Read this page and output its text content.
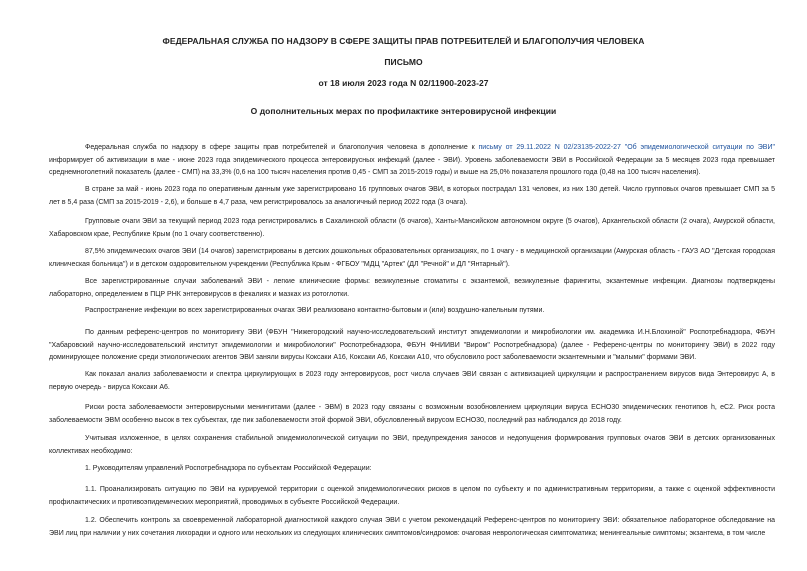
ФЕДЕРАЛЬНАЯ СЛУЖБА ПО НАДЗОРУ В СФЕРЕ ЗАЩИТЫ ПРАВ ПОТРЕБИТЕЛЕЙ И БЛАГОПОЛУЧИЯ ЧЕЛОВЕКА
ПИСЬМО
от 18 июля 2023 года N 02/11900-2023-27
О дополнительных мерах по профилактике энтеровирусной инфекции
Федеральная служба по надзору в сфере защиты прав потребителей и благополучия человека в дополнение к письму от 29.11.2022 N 02/23135-2022-27 "Об эпидемиологической ситуации по ЭВИ" информирует об активизации в мае - июне 2023 года эпидемического процесса энтеровирусных инфекций (далее - ЭВИ). Уровень заболеваемости ЭВИ в Российской Федерации за 5 месяцев 2023 года превышает среднемноголетний показатель (далее - СМП) на 33,3% (0,6 на 100 тысяч населения против 0,45 - СМП за 2015-2019 годы) и выше на 25,0% показателя прошлого года (0,48 на 100 тысяч населения).
В стране за май - июнь 2023 года по оперативным данным уже зарегистрировано 16 групповых очагов ЭВИ, в которых пострадал 131 человек, из них 130 детей. Число групповых очагов превышает СМП за 5 лет в 5,4 раза (СМП за 2015-2019 - 2,6), и больше в 4,7 раза, чем регистрировалось за аналогичный период 2022 года (3 очага).
Групповые очаги ЭВИ за текущий период 2023 года регистрировались в Сахалинской области (6 очагов), Ханты-Мансийском автономном округе (5 очагов), Архангельской области (2 очага), Амурской области, Хабаровском крае, Республике Крым (по 1 очагу соответственно).
87,5% эпидемических очагов ЭВИ (14 очагов) зарегистрированы в детских дошкольных образовательных организациях, по 1 очагу - в медицинской организации (Амурская область - ГАУЗ АО "Детская городская клиническая больница") и в детском оздоровительном учреждении (Республика Крым - ФГБОУ "МДЦ "Артек" (ДЛ "Речной" и ДЛ "Янтарный").
Все зарегистрированные случаи заболеваний ЭВИ - легкие клинические формы: везикулезные стоматиты с экзантемой, везикулезные фарингиты, экзантемные инфекции. Диагнозы подтверждены лабораторно, определением в ПЦР РНК энтеровирусов в фекалиях и мазках из ротоглотки.
Распространение инфекции во всех зарегистрированных очагах ЭВИ реализовано контактно-бытовым и (или) воздушно-капельным путями.
По данным референс-центров по мониторингу ЭВИ (ФБУН "Нижегородский научно-исследовательский институт эпидемиологии и микробиологии им. академика И.Н.Блохиной" Роспотребнадзора, ФБУН "Хабаровский научно-исследовательский институт эпидемиологии и микробиологии" Роспотребнадзора, ФБУН ФНИИВИ "Виром" Роспотребнадзора) (далее - Референс-центры по мониторингу ЭВИ) в 2022 году доминирующее положение среди этиологических агентов ЭВИ заняли вирусы Коксаки А16, Коксаки А6, Коксаки А10, что обусловило рост заболеваемости экзантемными и "малыми" формами ЭВИ.
Как показал анализ заболеваемости и спектра циркулирующих в 2023 году энтеровирусов, рост числа случаев ЭВИ связан с активизацией циркуляции и распространением вирусов вида Энтеровирус А, в первую очередь - вируса Коксаки А6.
Риски роста заболеваемости энтеровирусными менингитами (далее - ЭВМ) в 2023 году связаны с возможным возобновлением циркуляции вируса ECHO30 эпидемических генотипов h, eC2. Риск роста заболеваемости ЭВМ особенно высок в тех субъектах, где пик заболеваемости этой формой ЭВИ, обусловленный вирусом ECHO30, последний раз наблюдался до 2018 году.
Учитывая изложенное, в целях сохранения стабильной эпидемиологической ситуации по ЭВИ, предупреждения заносов и недопущения формирования групповых очагов ЭВИ в детских организованных коллективах необходимо:
1. Руководителям управлений Роспотребнадзора по субъектам Российской Федерации:
1.1. Проанализировать ситуацию по ЭВИ на курируемой территории с оценкой эпидемиологических рисков в целом по субъекту и по административным территориям, а также с оценкой эффективности профилактических и противоэпидемических мероприятий, проводимых в субъекте Российской Федерации.
1.2. Обеспечить контроль за своевременной лабораторной диагностикой каждого случая ЭВИ с учетом рекомендаций Референс-центров по мониторингу ЭВИ: обязательное лабораторное обследование на ЭВИ лиц при наличии у них сочетания лихорадки и одного или нескольких из следующих клинических симптомов/синдромов: очаговая неврологическая симптоматика; менингеальные симптомы; экзантема, в том числе
